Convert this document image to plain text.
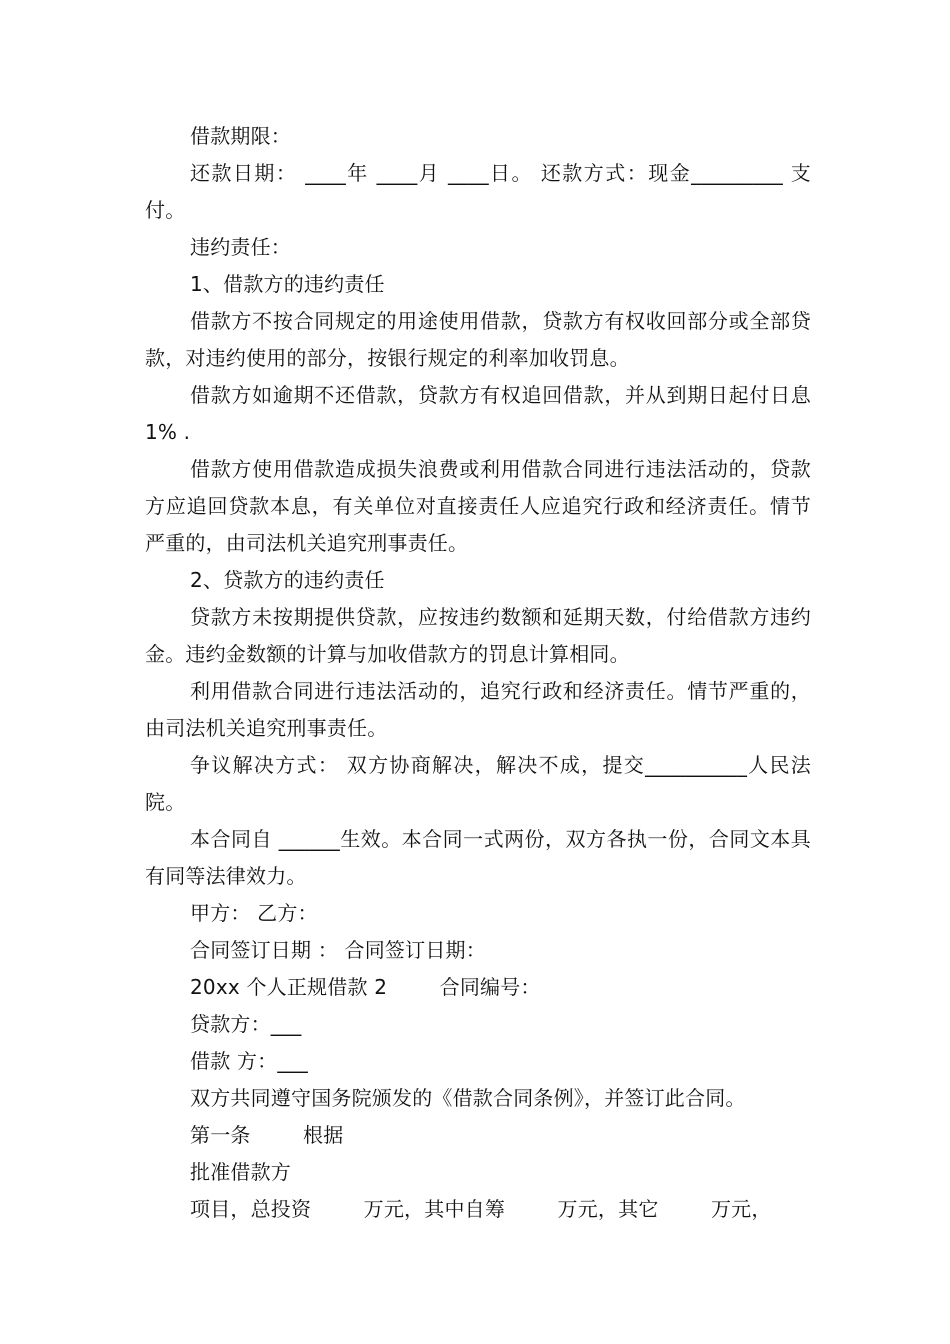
借款期限：

还款日期： ____年 ____月 ____日。 还款方式：现金_________ 支付。

违约责任：

1、借款方的违约责任

借款方不按合同规定的用途使用借款，贷款方有权收回部分或全部贷款，对违约使用的部分，按银行规定的利率加收罚息。

借款方如逾期不还借款，贷款方有权追回借款，并从到期日起付日息 1% .

借款方使用借款造成损失浪费或利用借款合同进行违法活动的，贷款方应追回贷款本息，有关单位对直接责任人应追究行政和经济责任。情节严重的，由司法机关追究刑事责任。

2、贷款方的违约责任

贷款方未按期提供贷款，应按违约数额和延期天数，付给借款方违约金。违约金数额的计算与加收借款方的罚息计算相同。

利用借款合同进行违法活动的，追究行政和经济责任。情节严重的，由司法机关追究刑事责任。

争议解决方式： 双方协商解决，解决不成，提交__________人民法院。

本合同自 ______生效。本合同一式两份，双方各执一份，合同文本具有同等法律效力。

甲方： 乙方：

合同签订日期 ： 合同签订日期：

20xx 个人正规借款 2        合同编号：

贷款方：___

借款 方：___

双方共同遵守国务院颁发的《借款合同条例》，并签订此合同。

第一条        根据

批准借款方

项目，总投资        万元，其中自筹        万元，其它        万元，
